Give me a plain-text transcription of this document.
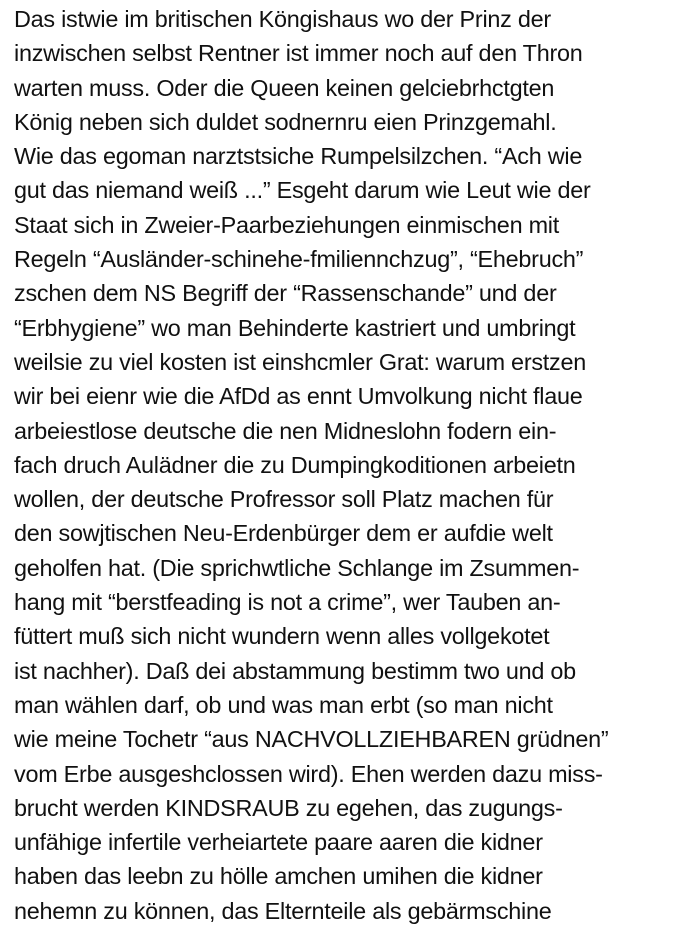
Das istwie im britischen Köngishaus wo der Prinz der
inzwischen selbst Rentner ist immer noch auf den Thron
warten muss. Oder die Queen keinen gelciebrhctgten
König neben sich duldet sodnernru eien Prinzgemahl.
Wie das egoman narztstsiche Rumpelsilzchen. “Ach wie
gut das niemand weiß ...” Esgeht darum wie Leut wie der
Staat sich in Zweier-Paarbeziehungen einmischen mit
Regeln “Ausländer-schinehe-fmiliennchzug”, “Ehebruch”
zschen dem NS Begriff der “Rassenschande” und der
“Erbhygiene” wo man Behinderte kastriert und umbringt
weilsie zu viel kosten ist einshcmler Grat: warum erstzen
wir bei eienr wie die AfDd as ennt Umvolkung nicht flaue
arbeiestlose deutsche die nen Midneslohn fodern ein-
fach druch Aulädner die zu Dumpingkoditionen arbeietn
wollen, der deutsche Profressor soll Platz machen für
den sowjtischen Neu-Erdenbürger dem er aufdie welt
geholfen hat. (Die sprichwtliche Schlange im Zsummen-
hang mit “berstfeading is not a crime”, wer Tauben an-
füttert muß sich nicht wundern wenn alles vollgekotet
ist nachher). Daß dei abstammung bestimm two und ob
man wählen darf, ob und was man erbt (so man nicht
wie meine Tochetr “aus NACHVOLLZIEHBAREN grüdnen”
vom Erbe ausgeshclossen wird). Ehen werden dazu miss-
brucht werden KINDSRAUB zu egehen, das zugungs-
unfähige infertile verheiartete paare aaren die kidner
haben das leebn zu hölle amchen umihen die kidner
nehemn zu können, das Elternteile als gebärmschine
